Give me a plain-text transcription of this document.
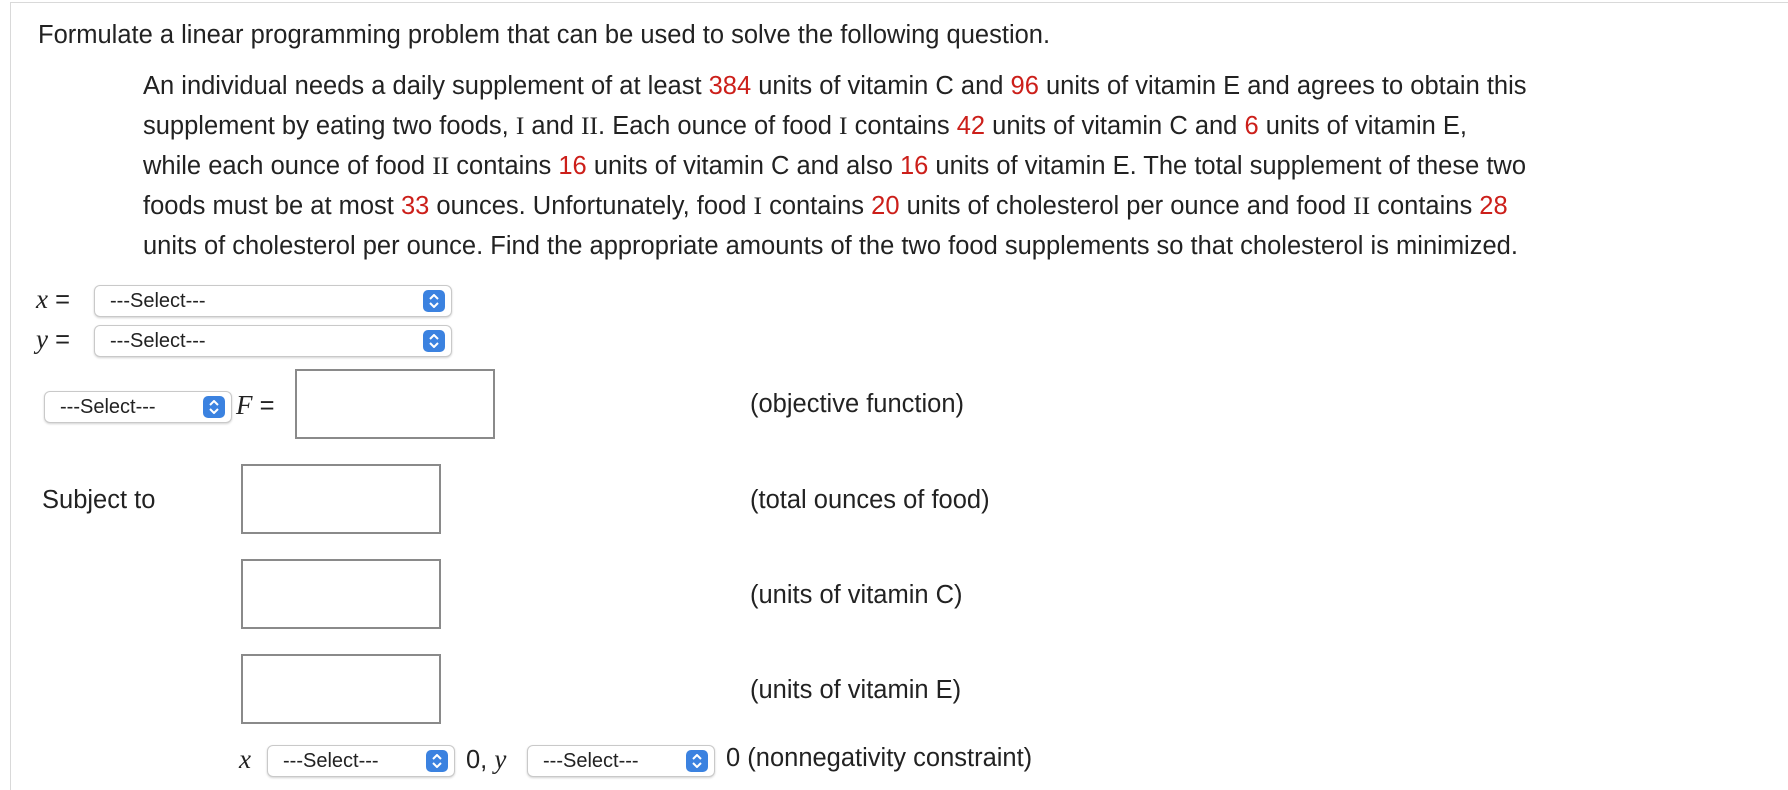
Formulate a linear programming problem that can be used to solve the following question.
An individual needs a daily supplement of at least 384 units of vitamin C and 96 units of vitamin E and agrees to obtain this
supplement by eating two foods, I and II. Each ounce of food I contains 42 units of vitamin C and 6 units of vitamin E,
while each ounce of food II contains 16 units of vitamin C and also 16 units of vitamin E. The total supplement of these two
foods must be at most 33 ounces. Unfortunately, food I contains 20 units of cholesterol per ounce and food II contains 28
units of cholesterol per ounce. Find the appropriate amounts of the two food supplements so that cholesterol is minimized.
x = ---Select---
y = ---Select---
---Select---	F =	(objective function)
Subject to	(total ounces of food)
(units of vitamin C)
(units of vitamin E)
x ---Select---	0, y ---Select---	0 (nonnegativity constraint)
